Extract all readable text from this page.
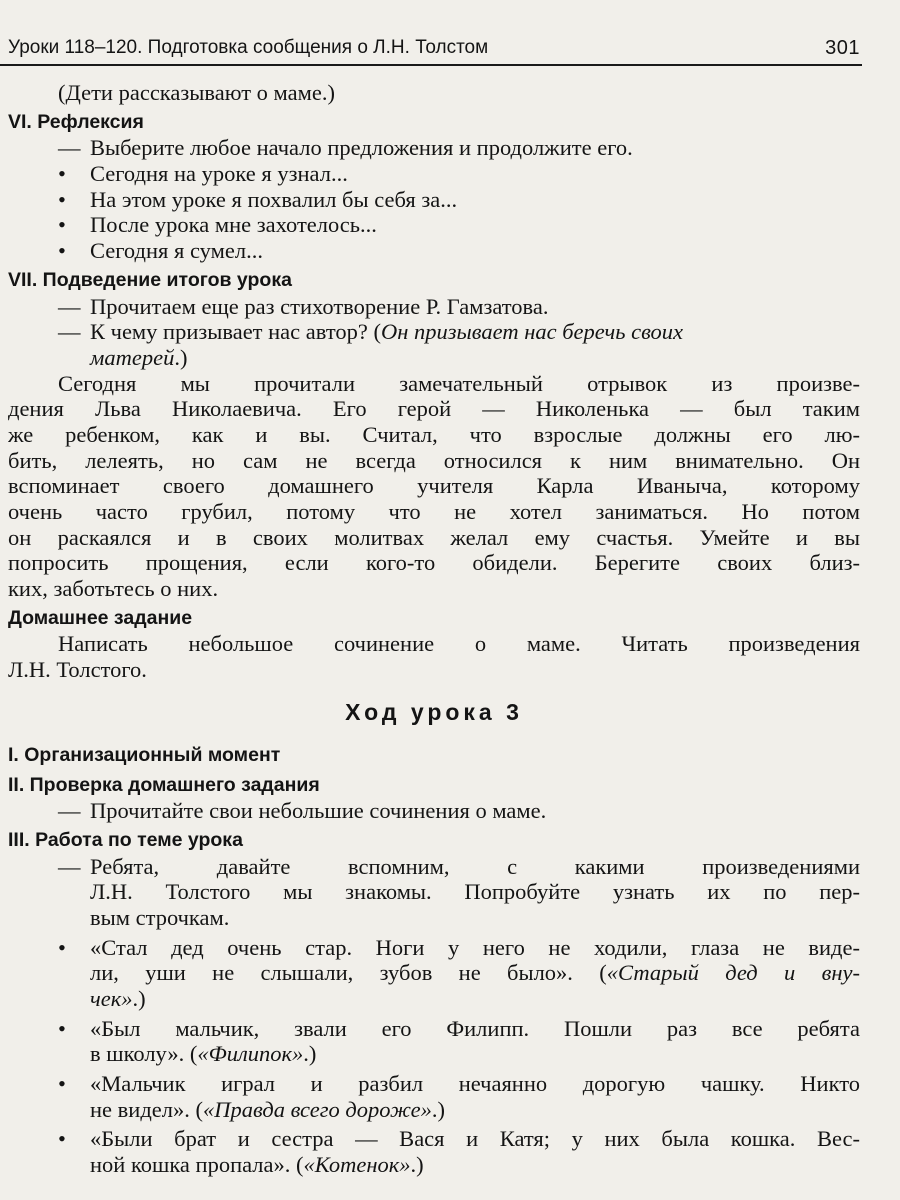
Уроки 118–120. Подготовка сообщения о Л.Н. Толстом	301
(Дети рассказывают о маме.)
VI. Рефлексия
— Выберите любое начало предложения и продолжите его.
•	Сегодня на уроке я узнал...
•	На этом уроке я похвалил бы себя за...
•	После урока мне захотелось...
•	Сегодня я сумел...
VII. Подведение итогов урока
— Прочитаем еще раз стихотворение Р. Гамзатова.
— К чему призывает нас автор? (Он призывает нас беречь своих
матерей.)
Сегодня мы прочитали замечательный отрывок из произве-
дения Льва Николаевича. Его герой — Николенька — был таким
же ребенком, как и вы. Считал, что взрослые должны его лю-
бить, лелеять, но сам не всегда относился к ним внимательно. Он
вспоминает своего домашнего учителя Карла Иваныча, которому
очень часто грубил, потому что не хотел заниматься. Но потом
он раскаялся и в своих молитвах желал ему счастья. Умейте и вы
попросить прощения, если кого-то обидели. Берегите своих близ-
ких, заботьтесь о них.
Домашнее задание
Написать небольшое сочинение о маме. Читать произведения
Л.Н. Толстого.
Ход урока 3
I. Организационный момент
II. Проверка домашнего задания
— Прочитайте свои небольшие сочинения о маме.
III. Работа по теме урока
— Ребята, давайте вспомним, с какими произведениями
Л.Н. Толстого мы знакомы. Попробуйте узнать их по пер-
вым строчкам.
•	«Стал дед очень стар. Ноги у него не ходили, глаза не виде-
ли, уши не слышали, зубов не было». («Старый дед и вну-
чек».)
•	«Был мальчик, звали его Филипп. Пошли раз все ребята
в школу». («Филипок».)
•	«Мальчик играл и разбил нечаянно дорогую чашку. Никто
не видел». («Правда всего дороже».)
•	«Были брат и сестра — Вася и Катя; у них была кошка. Вес-
ной кошка пропала». («Котенок».)
